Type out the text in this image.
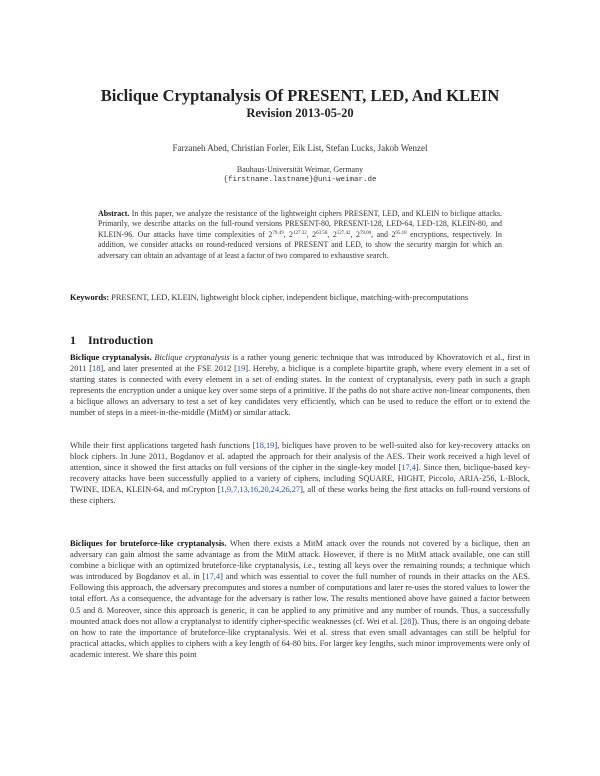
Biclique Cryptanalysis Of PRESENT, LED, And KLEIN
Revision 2013-05-20
Farzaneh Abed, Christian Forler, Eik List, Stefan Lucks, Jakob Wenzel
Bauhaus-Universität Weimar, Germany
{firstname.lastname}@uni-weimar.de
Abstract. In this paper, we analyze the resistance of the lightweight ciphers PRESENT, LED, and KLEIN to biclique attacks. Primarily, we describe attacks on the full-round versions PRESENT-80, PRESENT-128, LED-64, LED-128, KLEIN-80, and KLEIN-96. Our attacks have time complexities of $2^{79.49}$, $2^{127.32}$, $2^{63.58}$, $2^{127.42}$, $2^{79.00}$, and $2^{95.18}$ encryptions, respectively. In addition, we consider attacks on round-reduced versions of PRESENT and LED, to show the security margin for which an adversary can obtain an advantage of at least a factor of two compared to exhaustive search.
Keywords: PRESENT, LED, KLEIN, lightweight block cipher, independent biclique, matching-with-precomputations
1 Introduction
Biclique cryptanalysis. Biclique cryptanalysis is a rather young generic technique that was introduced by Khovratovich et al., first in 2011 [18], and later presented at the FSE 2012 [19]. Hereby, a biclique is a complete bipartite graph, where every element in a set of starting states is connected with every element in a set of ending states. In the context of cryptanalysis, every path in such a graph represents the encryption under a unique key over some steps of a primitive. If the paths do not share active non-linear components, then a biclique allows an adversary to test a set of key candidates very efficiently, which can be used to reduce the effort or to extend the number of steps in a meet-in-the-middle (MitM) or similar attack.
While their first applications targeted hash functions [18,19], bicliques have proven to be well-suited also for key-recovery attacks on block ciphers. In June 2011, Bogdanov et al. adapted the approach for their analysis of the AES. Their work received a high level of attention, since it showed the first attacks on full versions of the cipher in the single-key model [17,4]. Since then, biclique-based key-recovery attacks have been successfully applied to a variety of ciphers, including SQUARE, HIGHT, Piccolo, ARIA-256, L-Block, TWINE, IDEA, KLEIN-64, and mCrypton [1,9,7,13,16,20,24,26,27], all of these works being the first attacks on full-round versions of these ciphers.
Bicliques for bruteforce-like cryptanalysis. When there exists a MitM attack over the rounds not covered by a biclique, then an adversary can gain almost the same advantage as from the MitM attack. However, if there is no MitM attack available, one can still combine a biclique with an optimized bruteforce-like cryptanalysis, i.e., testing all keys over the remaining rounds; a technique which was introduced by Bogdanov et al. in [17,4] and which was essential to cover the full number of rounds in their attacks on the AES. Following this approach, the adversary precomputes and stores a number of computations and later re-uses the stored values to lower the total effort. As a consequence, the advantage for the adversary is rather low. The results mentioned above have gained a factor between 0.5 and 8. Moreover, since this approach is generic, it can be applied to any primitive and any number of rounds. Thus, a successfully mounted attack does not allow a cryptanalyst to identify cipher-specific weaknesses (cf. Wei et al. [28]). Thus, there is an ongoing debate on how to rate the importance of bruteforce-like cryptanalysis. Wei et al. stress that even small advantages can still be helpful for practical attacks, which applies to ciphers with a key length of 64-80 bits. For larger key lengths, such minor improvements were only of academic interest. We share this point
